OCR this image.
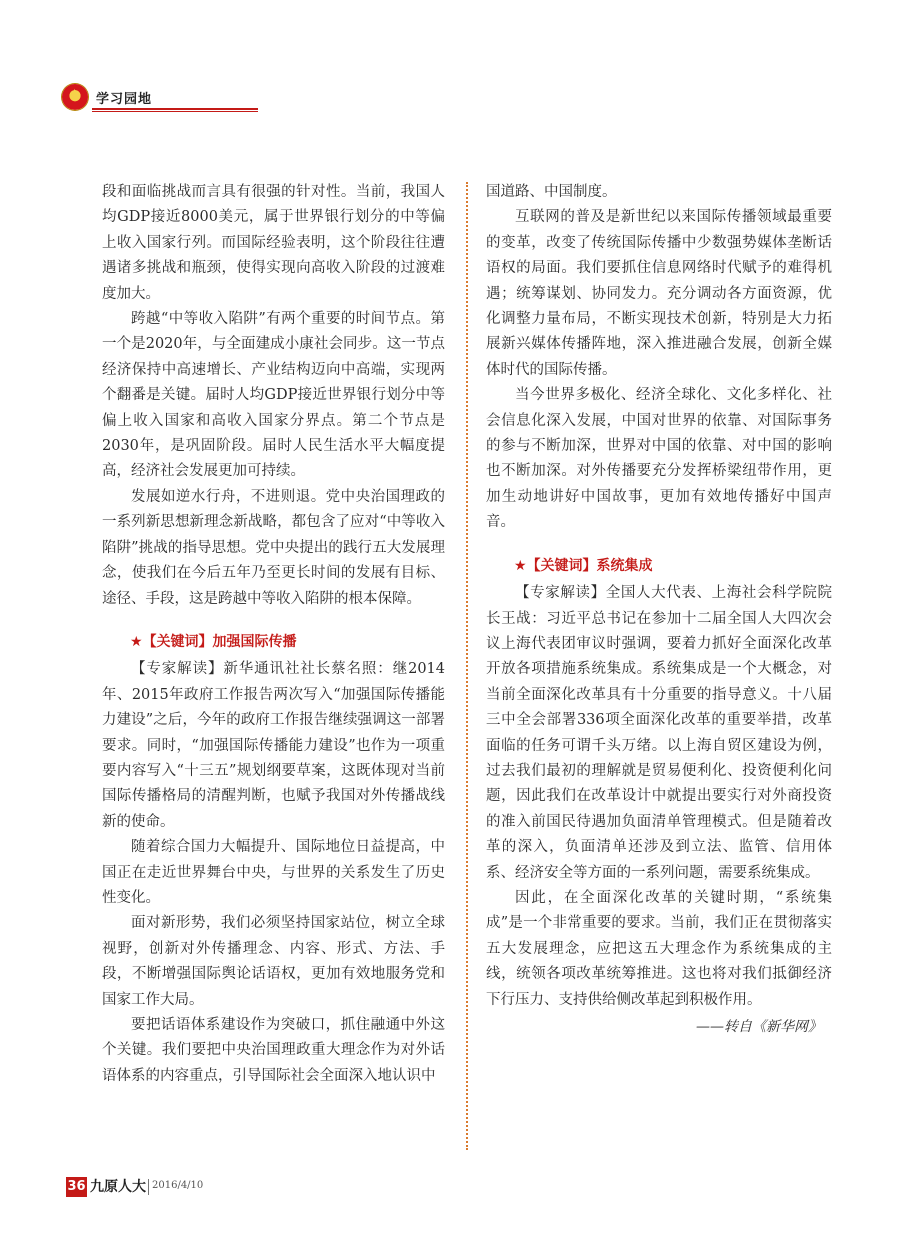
★ 学习园地

段和面临挑战而言具有很强的针对性。当前，我国人均GDP接近8000美元，属于世界银行划分的中等偏上收入国家行列。而国际经验表明，这个阶段往往遭遇诸多挑战和瓶颈，使得实现向高收入阶段的过渡难度加大。

跨越“中等收入陷阱”有两个重要的时间节点。第一个是2020年，与全面建成小康社会同步。这一节点经济保持中高速增长、产业结构迈向中高端，实现两个翻番是关键。届时人均GDP接近世界银行划分中等偏上收入国家和高收入国家分界点。第二个节点是2030年，是巩固阶段。届时人民生活水平大幅度提高，经济社会发展更加可持续。

发展如逆水行舟，不进则退。党中央治国理政的一系列新思想新理念新战略，都包含了应对“中等收入陷阱”挑战的指导思想。党中央提出的践行五大发展理念，使我们在今后五年乃至更长时间的发展有目标、途径、手段，这是跨越中等收入陷阱的根本保障。

★【关键词】加强国际传播

【专家解读】新华通讯社社长蔡名照：继2014年、2015年政府工作报告两次写入“加强国际传播能力建设”之后，今年的政府工作报告继续强调这一部署要求。同时，“加强国际传播能力建设”也作为一项重要内容写入“十三五”规划纲要草案，这既体现对当前国际传播格局的清醒判断，也赋予我国对外传播战线新的使命。

随着综合国力大幅提升、国际地位日益提高，中国正在走近世界舞台中央，与世界的关系发生了历史性变化。

面对新形势，我们必须坚持国家站位，树立全球视野，创新对外传播理念、内容、形式、方法、手段，不断增强国际舆论话语权，更加有效地服务党和国家工作大局。

要把话语体系建设作为突破口，抓住融通中外这个关键。我们要把中央治国理政重大理念作为对外话语体系的内容重点，引导国际社会全面深入地认识中

国道路、中国制度。

互联网的普及是新世纪以来国际传播领域最重要的变革，改变了传统国际传播中少数强势媒体垄断话语权的局面。我们要抓住信息网络时代赋予的难得机遇；统筹谋划、协同发力。充分调动各方面资源，优化调整力量布局，不断实现技术创新，特别是大力拓展新兴媒体传播阵地，深入推进融合发展，创新全媒体时代的国际传播。

当今世界多极化、经济全球化、文化多样化、社会信息化深入发展，中国对世界的依靠、对国际事务的参与不断加深，世界对中国的依靠、对中国的影响也不断加深。对外传播要充分发挥桥梁纽带作用，更加生动地讲好中国故事，更加有效地传播好中国声音。

★【关键词】系统集成

【专家解读】全国人大代表、上海社会科学院院长王战：习近平总书记在参加十二届全国人大四次会议上海代表团审议时强调，要着力抓好全面深化改革开放各项措施系统集成。系统集成是一个大概念，对当前全面深化改革具有十分重要的指导意义。十八届三中全会部署336项全面深化改革的重要举措，改革面临的任务可谓千头万绪。以上海自贸区建设为例，过去我们最初的理解就是贸易便利化、投资便利化问题，因此我们在改革设计中就提出要实行对外商投资的准入前国民待遇加负面清单管理模式。但是随着改革的深入，负面清单还涉及到立法、监管、信用体系、经济安全等方面的一系列问题，需要系统集成。

因此，在全面深化改革的关键时期，“系统集成”是一个非常重要的要求。当前，我们正在贯彻落实五大发展理念，应把这五大理念作为系统集成的主线，统领各项改革统筹推进。这也将对我们抵御经济下行压力、支持供给侧改革起到积极作用。

——转自《新华网》
36 九原人大 2016/4/10
